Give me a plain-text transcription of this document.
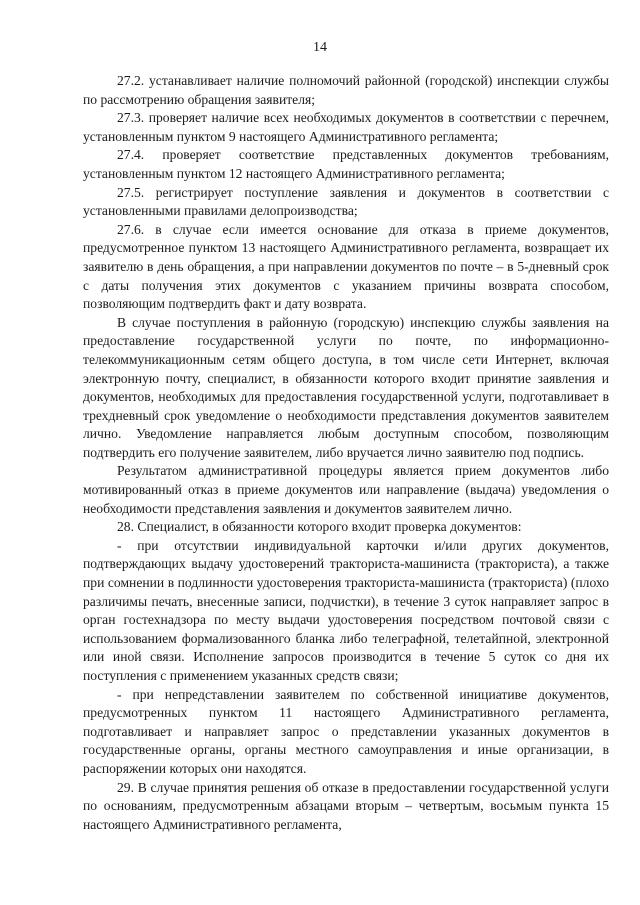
14

27.2. устанавливает наличие полномочий районной (городской) инспекции службы по рассмотрению обращения заявителя;

27.3. проверяет наличие всех необходимых документов в соответствии с перечнем, установленным пунктом 9 настоящего Административного регламента;

27.4. проверяет соответствие представленных документов требованиям, установленным пунктом 12 настоящего Административного регламента;

27.5. регистрирует поступление заявления и документов в соответствии с установленными правилами делопроизводства;

27.6. в случае если имеется основание для отказа в приеме документов, предусмотренное пунктом 13 настоящего Административного регламента, возвращает их заявителю в день обращения, а при направлении документов по почте – в 5-дневный срок с даты получения этих документов с указанием причины возврата способом, позволяющим подтвердить факт и дату возврата.

В случае поступления в районную (городскую) инспекцию службы заявления на предоставление государственной услуги по почте, по информационно-телекоммуникационным сетям общего доступа, в том числе сети Интернет, включая электронную почту, специалист, в обязанности которого входит принятие заявления и документов, необходимых для предоставления государственной услуги, подготавливает в трехдневный срок уведомление о необходимости представления документов заявителем лично. Уведомление направляется любым доступным способом, позволяющим подтвердить его получение заявителем, либо вручается лично заявителю под подпись.

Результатом административной процедуры является прием документов либо мотивированный отказ в приеме документов или направление (выдача) уведомления о необходимости представления заявления и документов заявителем лично.

28. Специалист, в обязанности которого входит проверка документов:

- при отсутствии индивидуальной карточки и/или других документов, подтверждающих выдачу удостоверений тракториста-машиниста (тракториста), а также при сомнении в подлинности удостоверения тракториста-машиниста (тракториста) (плохо различимы печать, внесенные записи, подчистки), в течение 3 суток направляет запрос в орган гостехнадзора по месту выдачи удостоверения посредством почтовой связи с использованием формализованного бланка либо телеграфной, телетайпной, электронной или иной связи. Исполнение запросов производится в течение 5 суток со дня их поступления с применением указанных средств связи;

- при непредставлении заявителем по собственной инициативе документов, предусмотренных пунктом 11 настоящего Административного регламента, подготавливает и направляет запрос о представлении указанных документов в государственные органы, органы местного самоуправления и иные организации, в распоряжении которых они находятся.

29. В случае принятия решения об отказе в предоставлении государственной услуги по основаниям, предусмотренным абзацами вторым – четвертым, восьмым пункта 15 настоящего Административного регламента,
